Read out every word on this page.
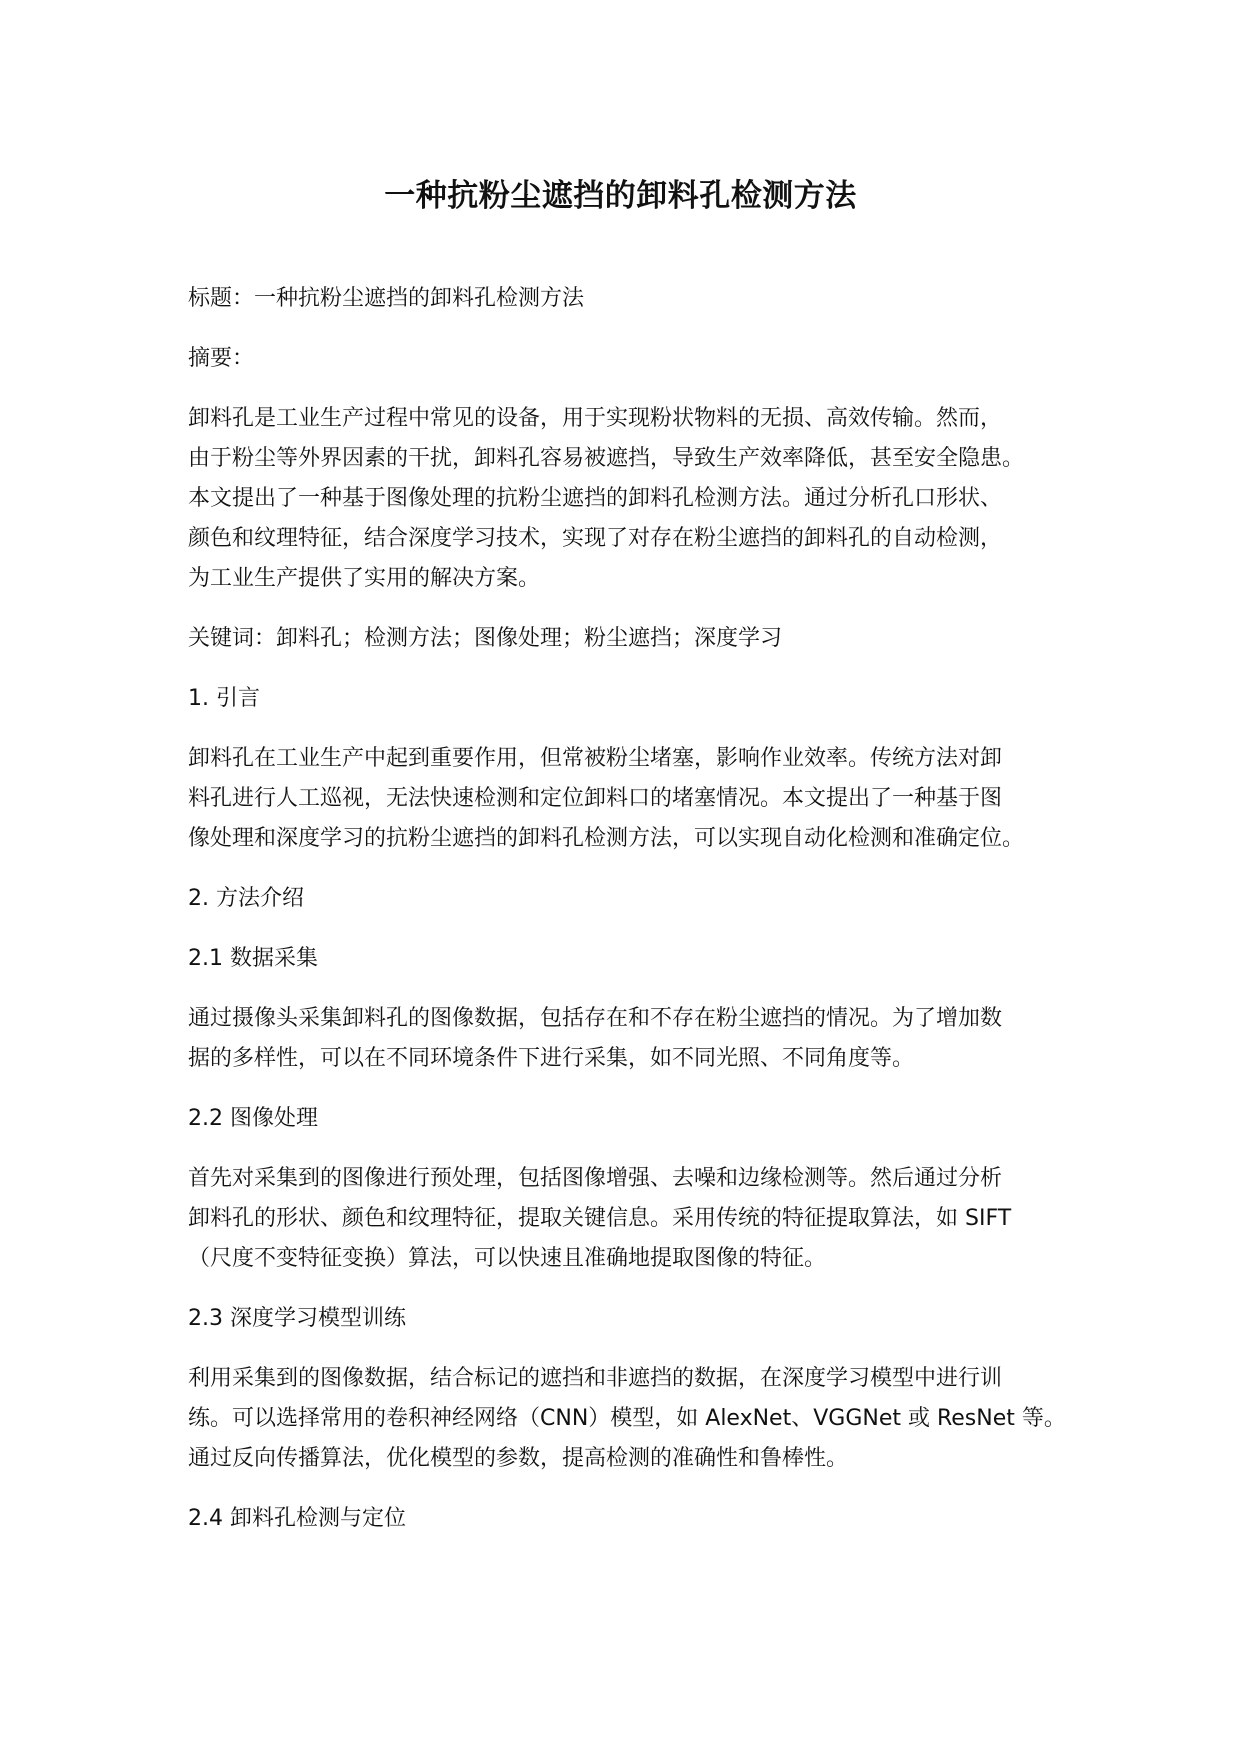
一种抗粉尘遮挡的卸料孔检测方法

标题：一种抗粉尘遮挡的卸料孔检测方法

摘要：

卸料孔是工业生产过程中常见的设备，用于实现粉状物料的无损、高效传输。然而，
由于粉尘等外界因素的干扰，卸料孔容易被遮挡，导致生产效率降低，甚至安全隐患。
本文提出了一种基于图像处理的抗粉尘遮挡的卸料孔检测方法。通过分析孔口形状、
颜色和纹理特征，结合深度学习技术，实现了对存在粉尘遮挡的卸料孔的自动检测，
为工业生产提供了实用的解决方案。

关键词：卸料孔；检测方法；图像处理；粉尘遮挡；深度学习

1. 引言

卸料孔在工业生产中起到重要作用，但常被粉尘堵塞，影响作业效率。传统方法对卸
料孔进行人工巡视，无法快速检测和定位卸料口的堵塞情况。本文提出了一种基于图
像处理和深度学习的抗粉尘遮挡的卸料孔检测方法，可以实现自动化检测和准确定位。

2. 方法介绍

2.1 数据采集

通过摄像头采集卸料孔的图像数据，包括存在和不存在粉尘遮挡的情况。为了增加数
据的多样性，可以在不同环境条件下进行采集，如不同光照、不同角度等。

2.2 图像处理

首先对采集到的图像进行预处理，包括图像增强、去噪和边缘检测等。然后通过分析
卸料孔的形状、颜色和纹理特征，提取关键信息。采用传统的特征提取算法，如 SIFT
（尺度不变特征变换）算法，可以快速且准确地提取图像的特征。

2.3 深度学习模型训练

利用采集到的图像数据，结合标记的遮挡和非遮挡的数据，在深度学习模型中进行训
练。可以选择常用的卷积神经网络（CNN）模型，如 AlexNet、VGGNet 或 ResNet 等。
通过反向传播算法，优化模型的参数，提高检测的准确性和鲁棒性。

2.4 卸料孔检测与定位
